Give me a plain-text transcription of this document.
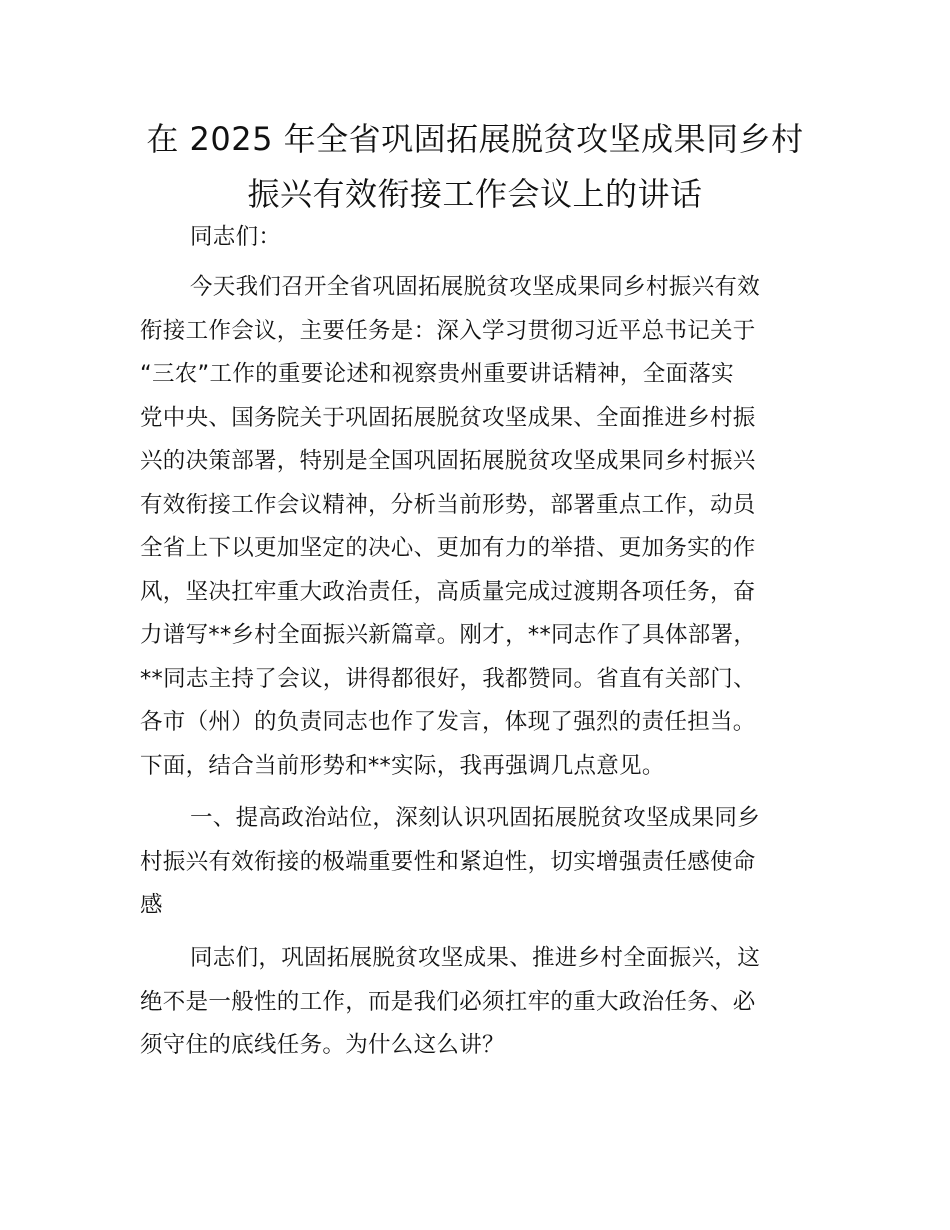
在 2025 年全省巩固拓展脱贫攻坚成果同乡村
振兴有效衔接工作会议上的讲话
同志们：
今天我们召开全省巩固拓展脱贫攻坚成果同乡村振兴有效
衔接工作会议，主要任务是：深入学习贯彻习近平总书记关于
“三农”工作的重要论述和视察贵州重要讲话精神，全面落实
党中央、国务院关于巩固拓展脱贫攻坚成果、全面推进乡村振
兴的决策部署，特别是全国巩固拓展脱贫攻坚成果同乡村振兴
有效衔接工作会议精神，分析当前形势，部署重点工作，动员
全省上下以更加坚定的决心、更加有力的举措、更加务实的作
风，坚决扛牢重大政治责任，高质量完成过渡期各项任务，奋
力谱写**乡村全面振兴新篇章。刚才，**同志作了具体部署，
**同志主持了会议，讲得都很好，我都赞同。省直有关部门、
各市（州）的负责同志也作了发言，体现了强烈的责任担当。
下面，结合当前形势和**实际，我再强调几点意见。
一、提高政治站位，深刻认识巩固拓展脱贫攻坚成果同乡
村振兴有效衔接的极端重要性和紧迫性，切实增强责任感使命
感
同志们，巩固拓展脱贫攻坚成果、推进乡村全面振兴，这
绝不是一般性的工作，而是我们必须扛牢的重大政治任务、必
须守住的底线任务。为什么这么讲？
